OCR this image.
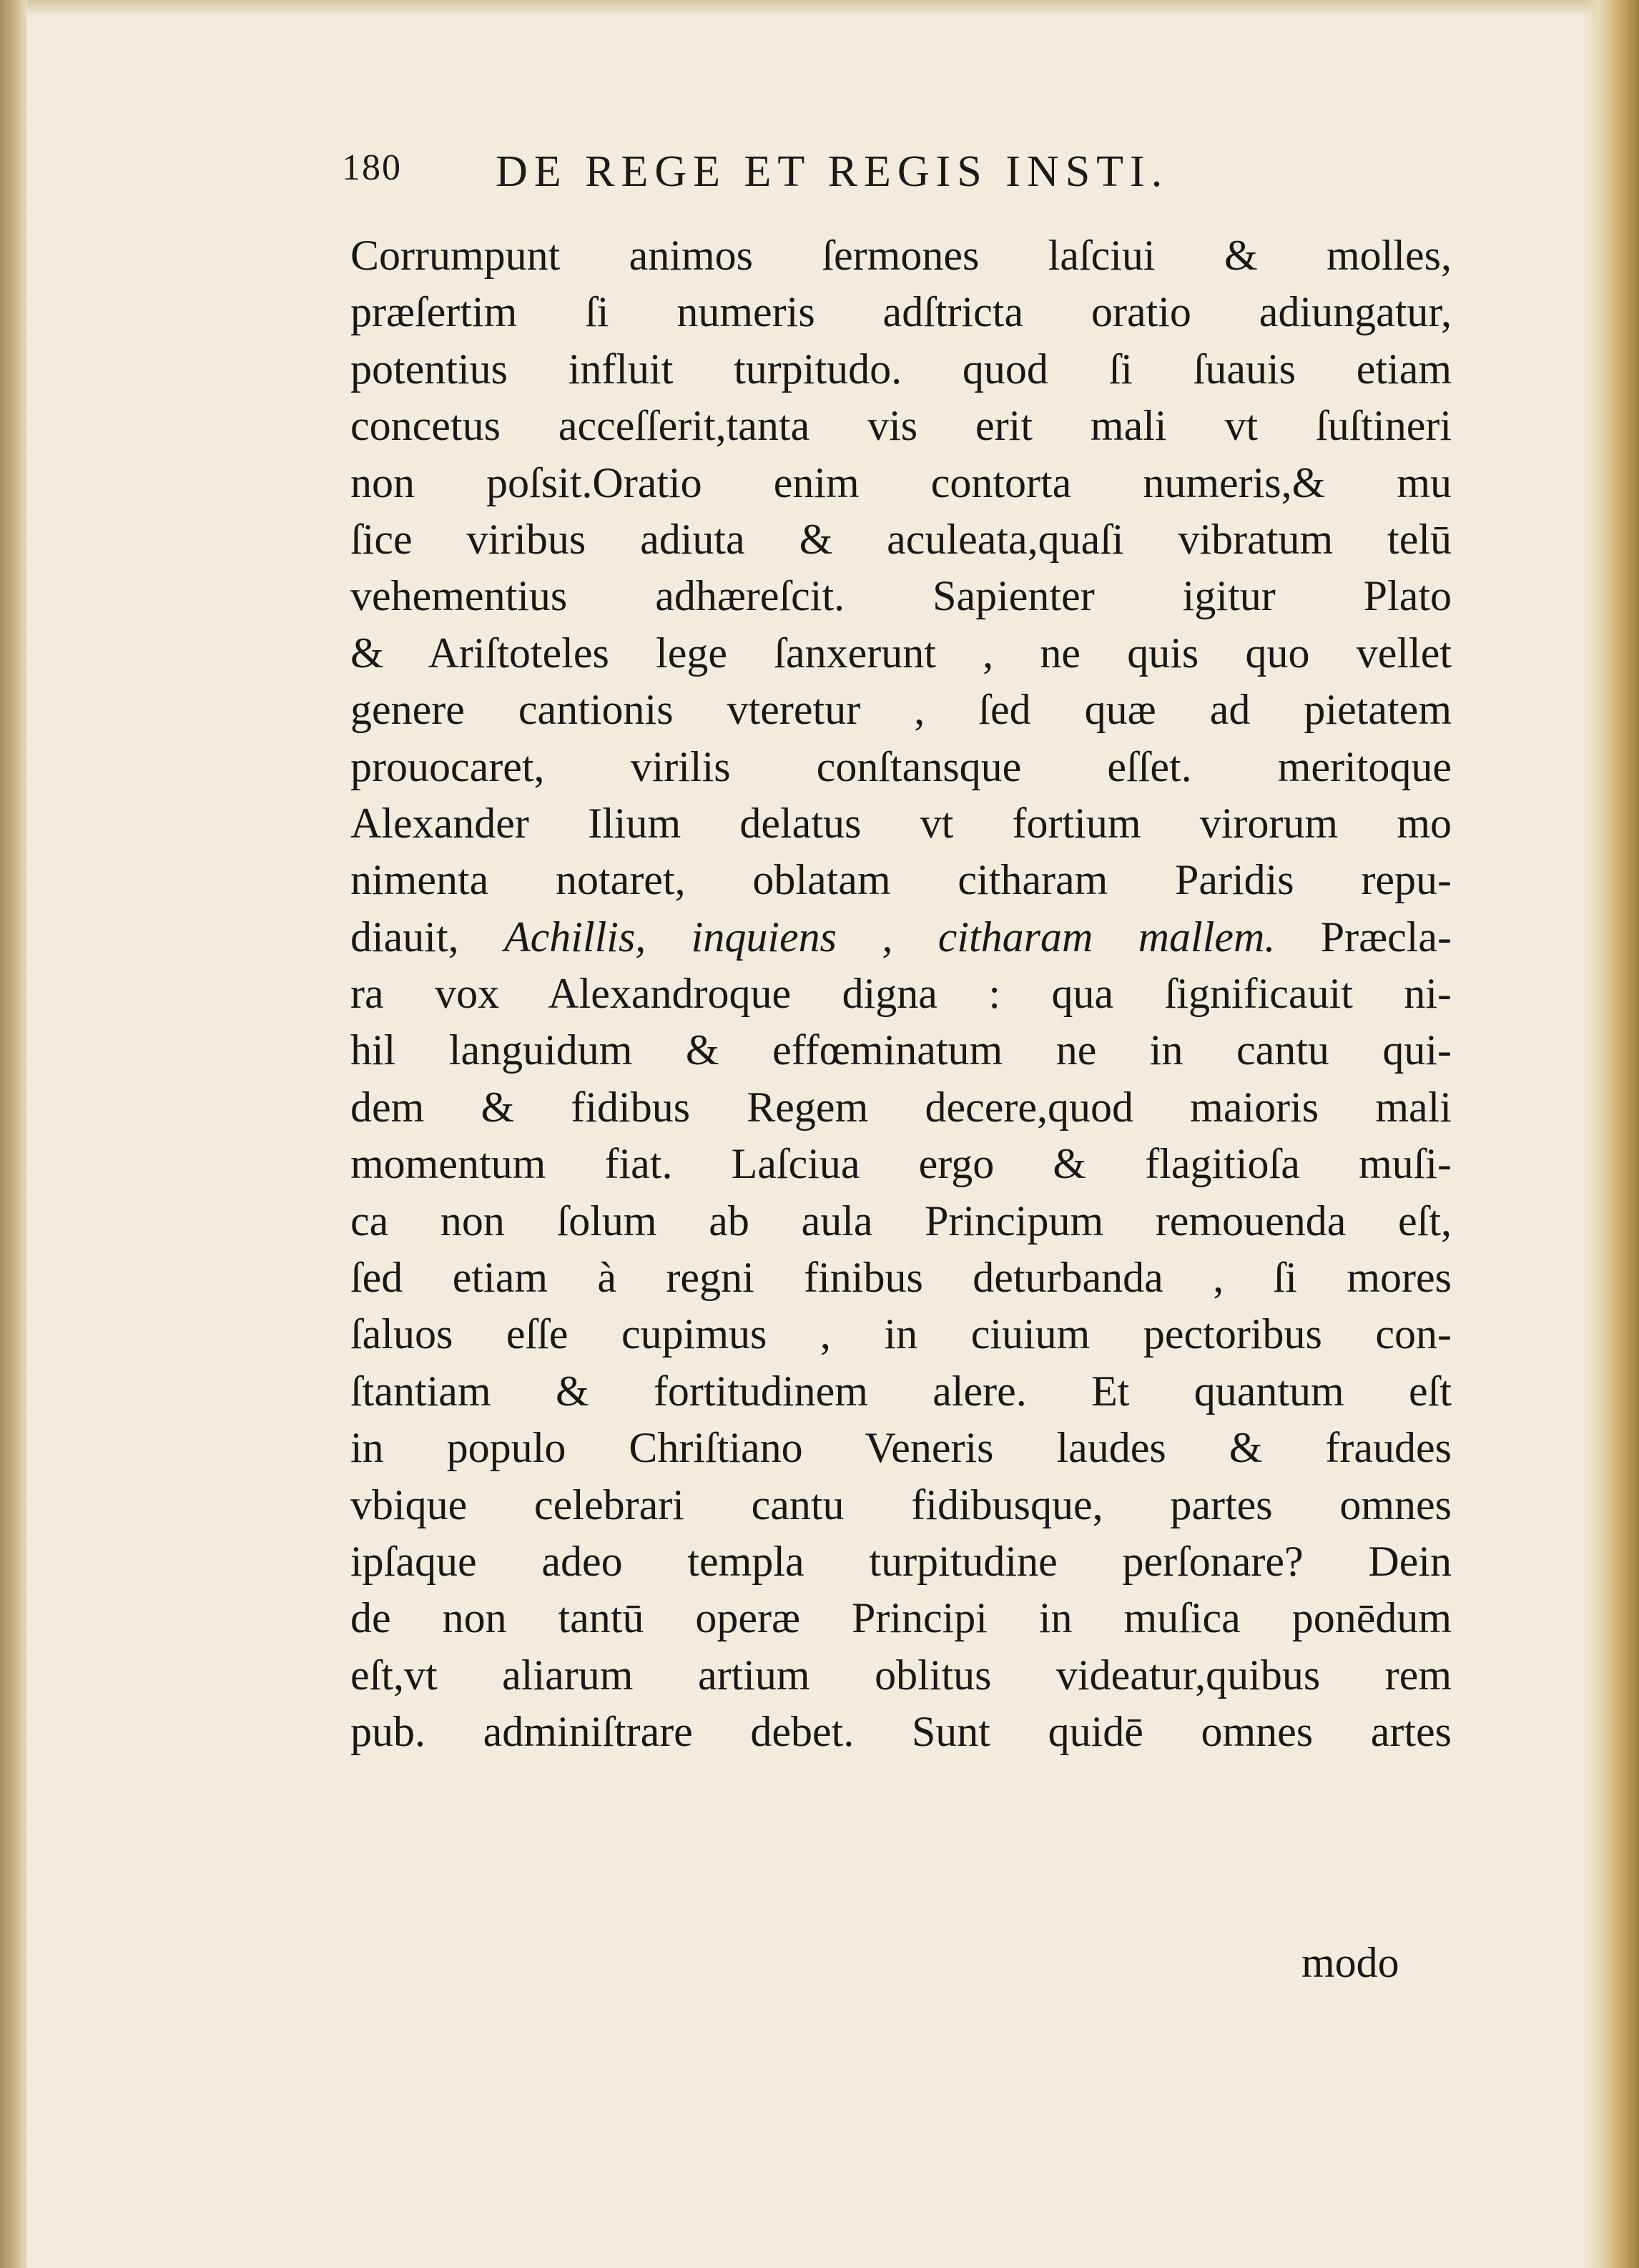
180 DE REGE ET REGIS INSTI.
Corrumpunt animos ſermones laſciui & molles,
præſertim ſi numeris adſtricta oratio adiungatur,
potentius influit turpitudo. quod ſi ſuauis etiam
concetus acceſſerit,tanta vis erit mali vt ſuſtineri
non poſsit.Oratio enim contorta numeris,& mu
ſice viribus adiuta & aculeata,quaſi vibratum telū
vehementius adhæreſcit. Sapienter igitur Plato
& Ariſtoteles lege ſanxerunt , ne quis quo vellet
genere cantionis vteretur , ſed quæ ad pietatem
prouocaret, virilis conſtansque eſſet. meritoque
Alexander Ilium delatus vt fortium virorum mo
nimenta notaret, oblatam citharam Paridis repu-
diauit, Achillis, inquiens , citharam mallem. Præcla-
ra vox Alexandroque digna : qua ſignificauit ni-
hil languidum & effœminatum ne in cantu qui-
dem & fidibus Regem decere,quod maioris mali
momentum fiat. Laſciua ergo & flagitioſa muſi-
ca non ſolum ab aula Principum remouenda eſt,
ſed etiam à regni finibus deturbanda , ſi mores
ſaluos eſſe cupimus , in ciuium pectoribus con-
ſtantiam & fortitudinem alere. Et quantum eſt
in populo Chriſtiano Veneris laudes & fraudes
vbique celebrari cantu fidibusque, partes omnes
ipſaque adeo templa turpitudine perſonare? Dein
de non tantū operæ Principi in muſica ponēdum
eſt,vt aliarum artium oblitus videatur,quibus rem
pub. adminiſtrare debet. Sunt quidē omnes artes
modo
